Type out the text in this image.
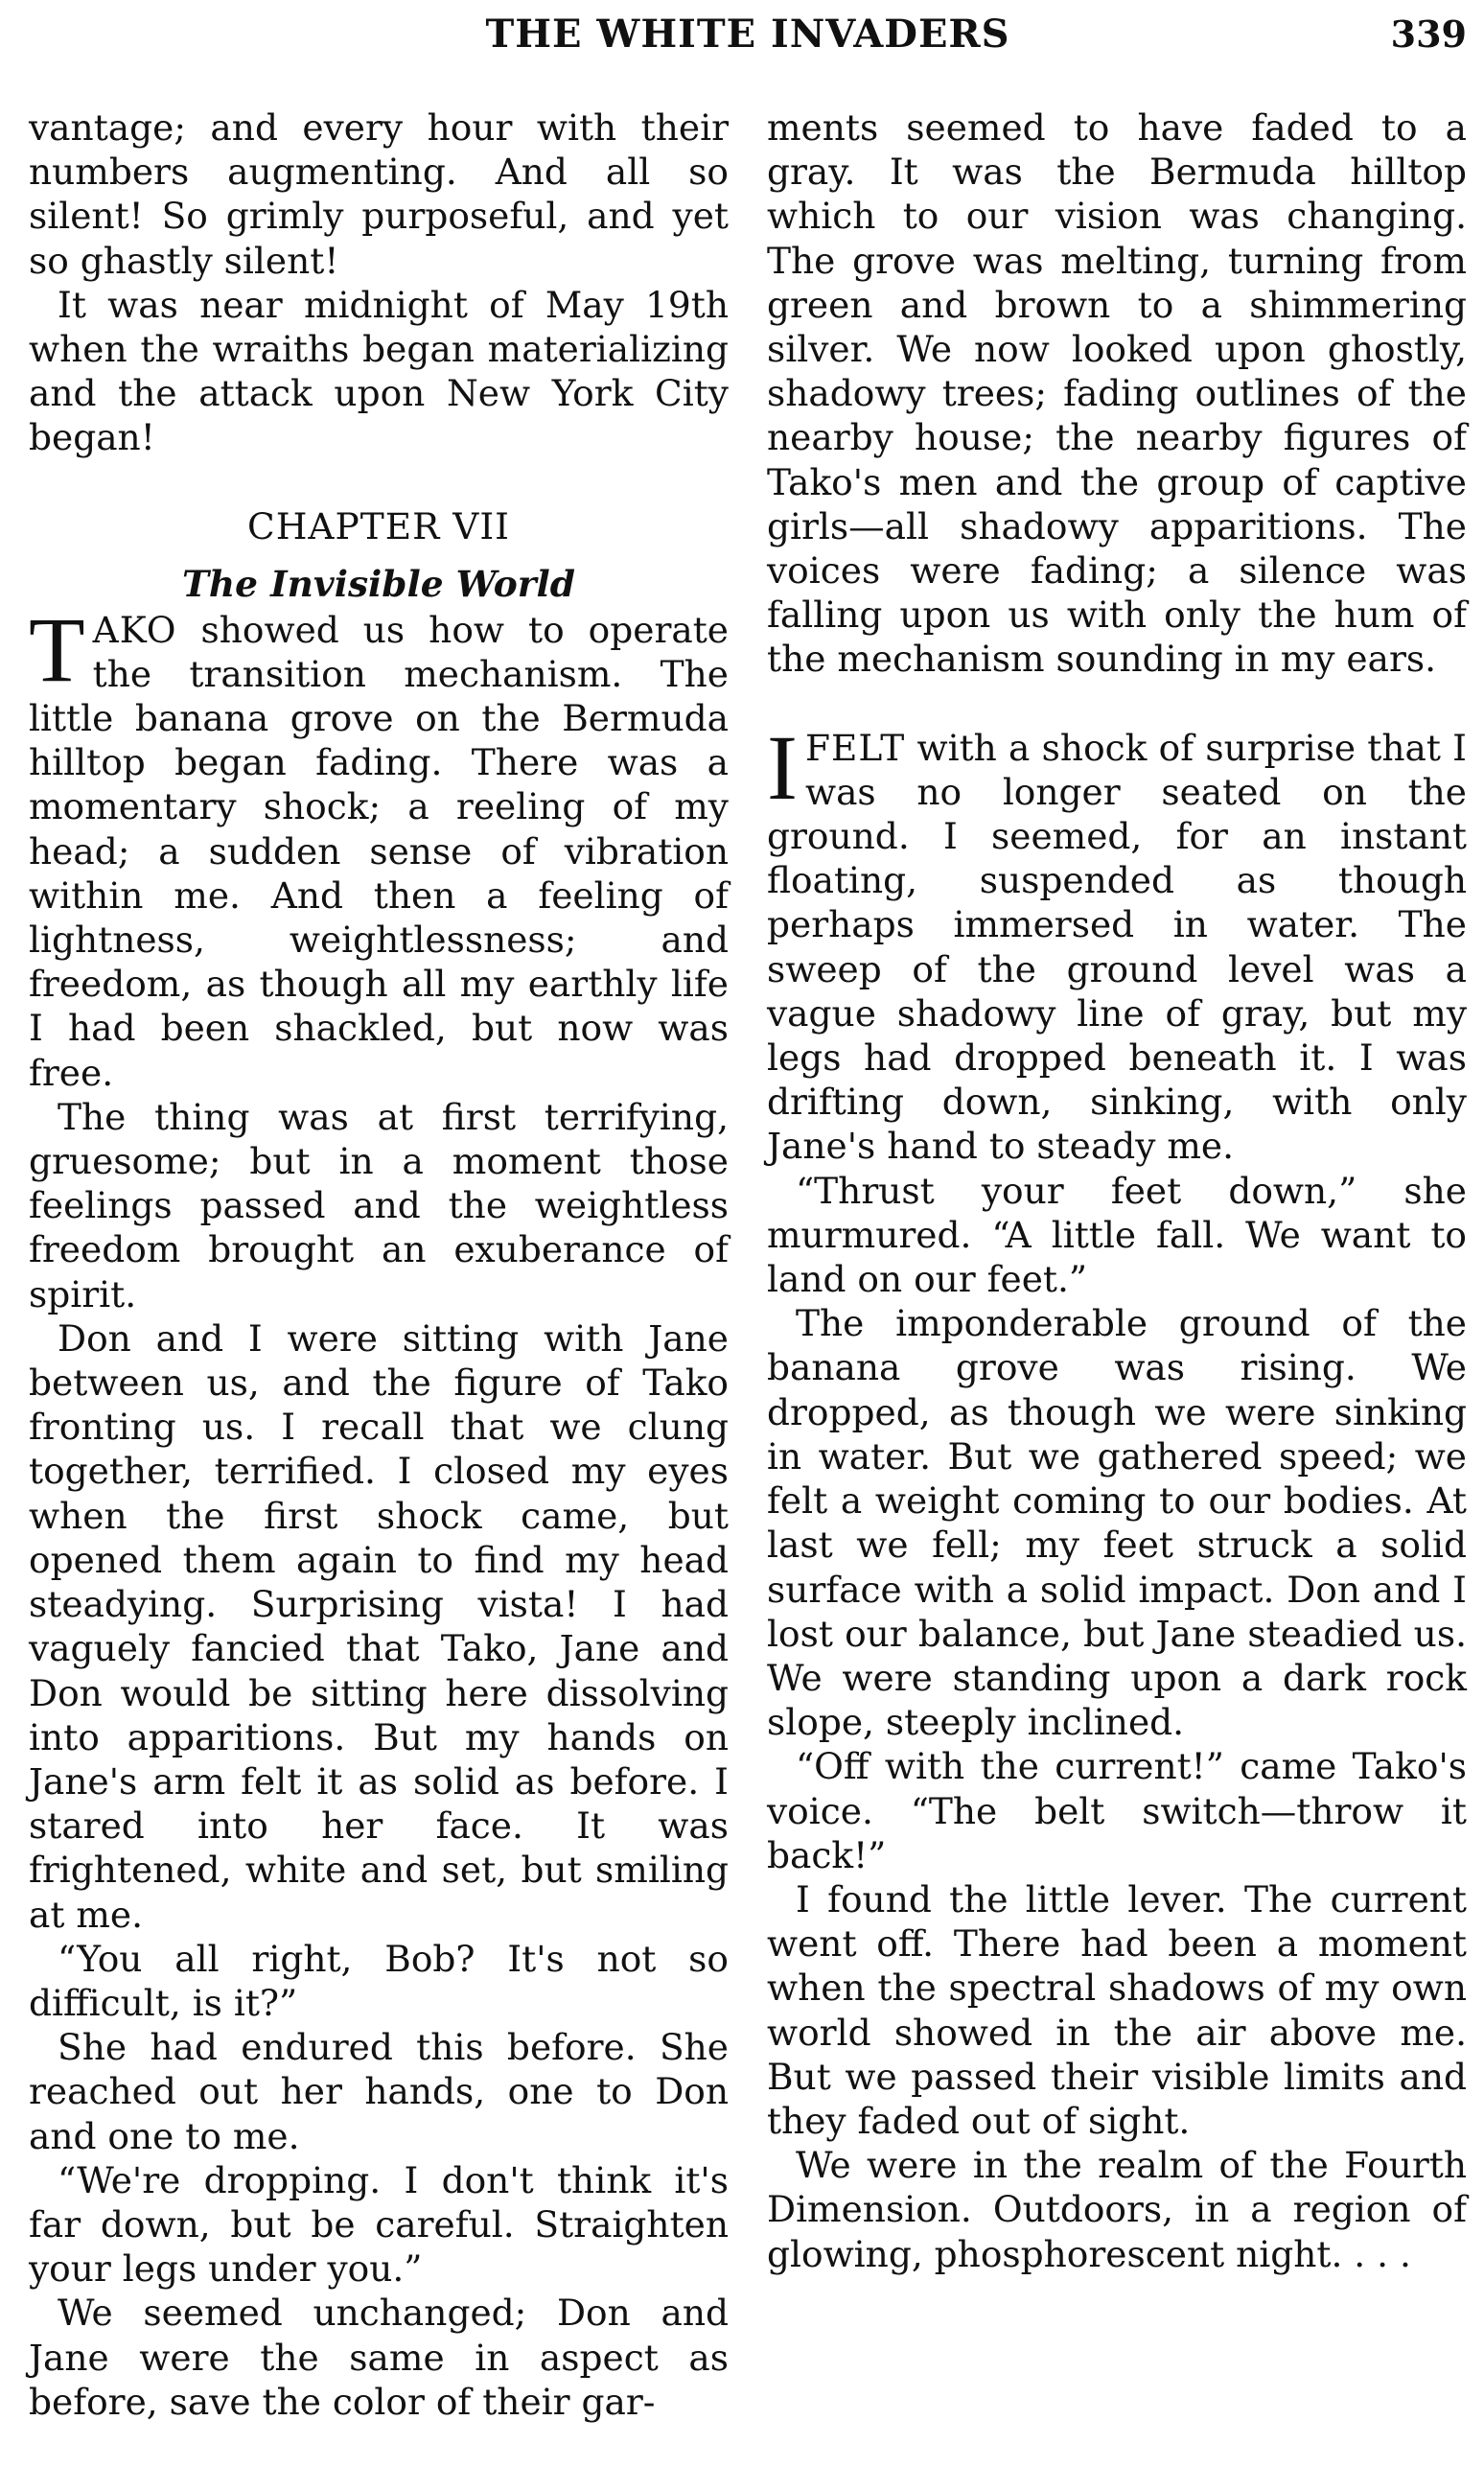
THE WHITE INVADERS	339

vantage; and every hour with their numbers augmenting. And all so silent! So grimly purposeful, and yet so ghastly silent!

It was near midnight of May 19th when the wraiths began materializing and the attack upon New York City began!

CHAPTER VII
The Invisible World

TAKO showed us how to operate the transition mechanism. The little banana grove on the Bermuda hilltop began fading. There was a momentary shock; a reeling of my head; a sudden sense of vibration within me. And then a feeling of lightness, weightlessness; and freedom, as though all my earthly life I had been shackled, but now was free.

The thing was at first terrifying, gruesome; but in a moment those feelings passed and the weightless freedom brought an exuberance of spirit.

Don and I were sitting with Jane between us, and the figure of Tako fronting us. I recall that we clung together, terrified. I closed my eyes when the first shock came, but opened them again to find my head steadying. Surprising vista! I had vaguely fancied that Tako, Jane and Don would be sitting here dissolving into apparitions. But my hands on Jane's arm felt it as solid as before. I stared into her face. It was frightened, white and set, but smiling at me.

“You all right, Bob? It's not so difficult, is it?”

She had endured this before. She reached out her hands, one to Don and one to me.

“We're dropping. I don't think it's far down, but be careful. Straighten your legs under you.”

We seemed unchanged; Don and Jane were the same in aspect as before, save the color of their gar-

ments seemed to have faded to a gray. It was the Bermuda hilltop which to our vision was changing. The grove was melting, turning from green and brown to a shimmering silver. We now looked upon ghostly, shadowy trees; fading outlines of the nearby house; the nearby figures of Tako's men and the group of captive girls—all shadowy apparitions. The voices were fading; a silence was falling upon us with only the hum of the mechanism sounding in my ears.

IFELT with a shock of surprise that I was no longer seated on the ground. I seemed, for an instant floating, suspended as though perhaps immersed in water. The sweep of the ground level was a vague shadowy line of gray, but my legs had dropped beneath it. I was drifting down, sinking, with only Jane's hand to steady me.

“Thrust your feet down,” she murmured. “A little fall. We want to land on our feet.”

The imponderable ground of the banana grove was rising. We dropped, as though we were sinking in water. But we gathered speed; we felt a weight coming to our bodies. At last we fell; my feet struck a solid surface with a solid impact. Don and I lost our balance, but Jane steadied us. We were standing upon a dark rock slope, steeply inclined.

“Off with the current!” came Tako's voice. “The belt switch—throw it back!”

I found the little lever. The current went off. There had been a moment when the spectral shadows of my own world showed in the air above me. But we passed their visible limits and they faded out of sight.

We were in the realm of the Fourth Dimension. Outdoors, in a region of glowing, phosphorescent night. . . .
